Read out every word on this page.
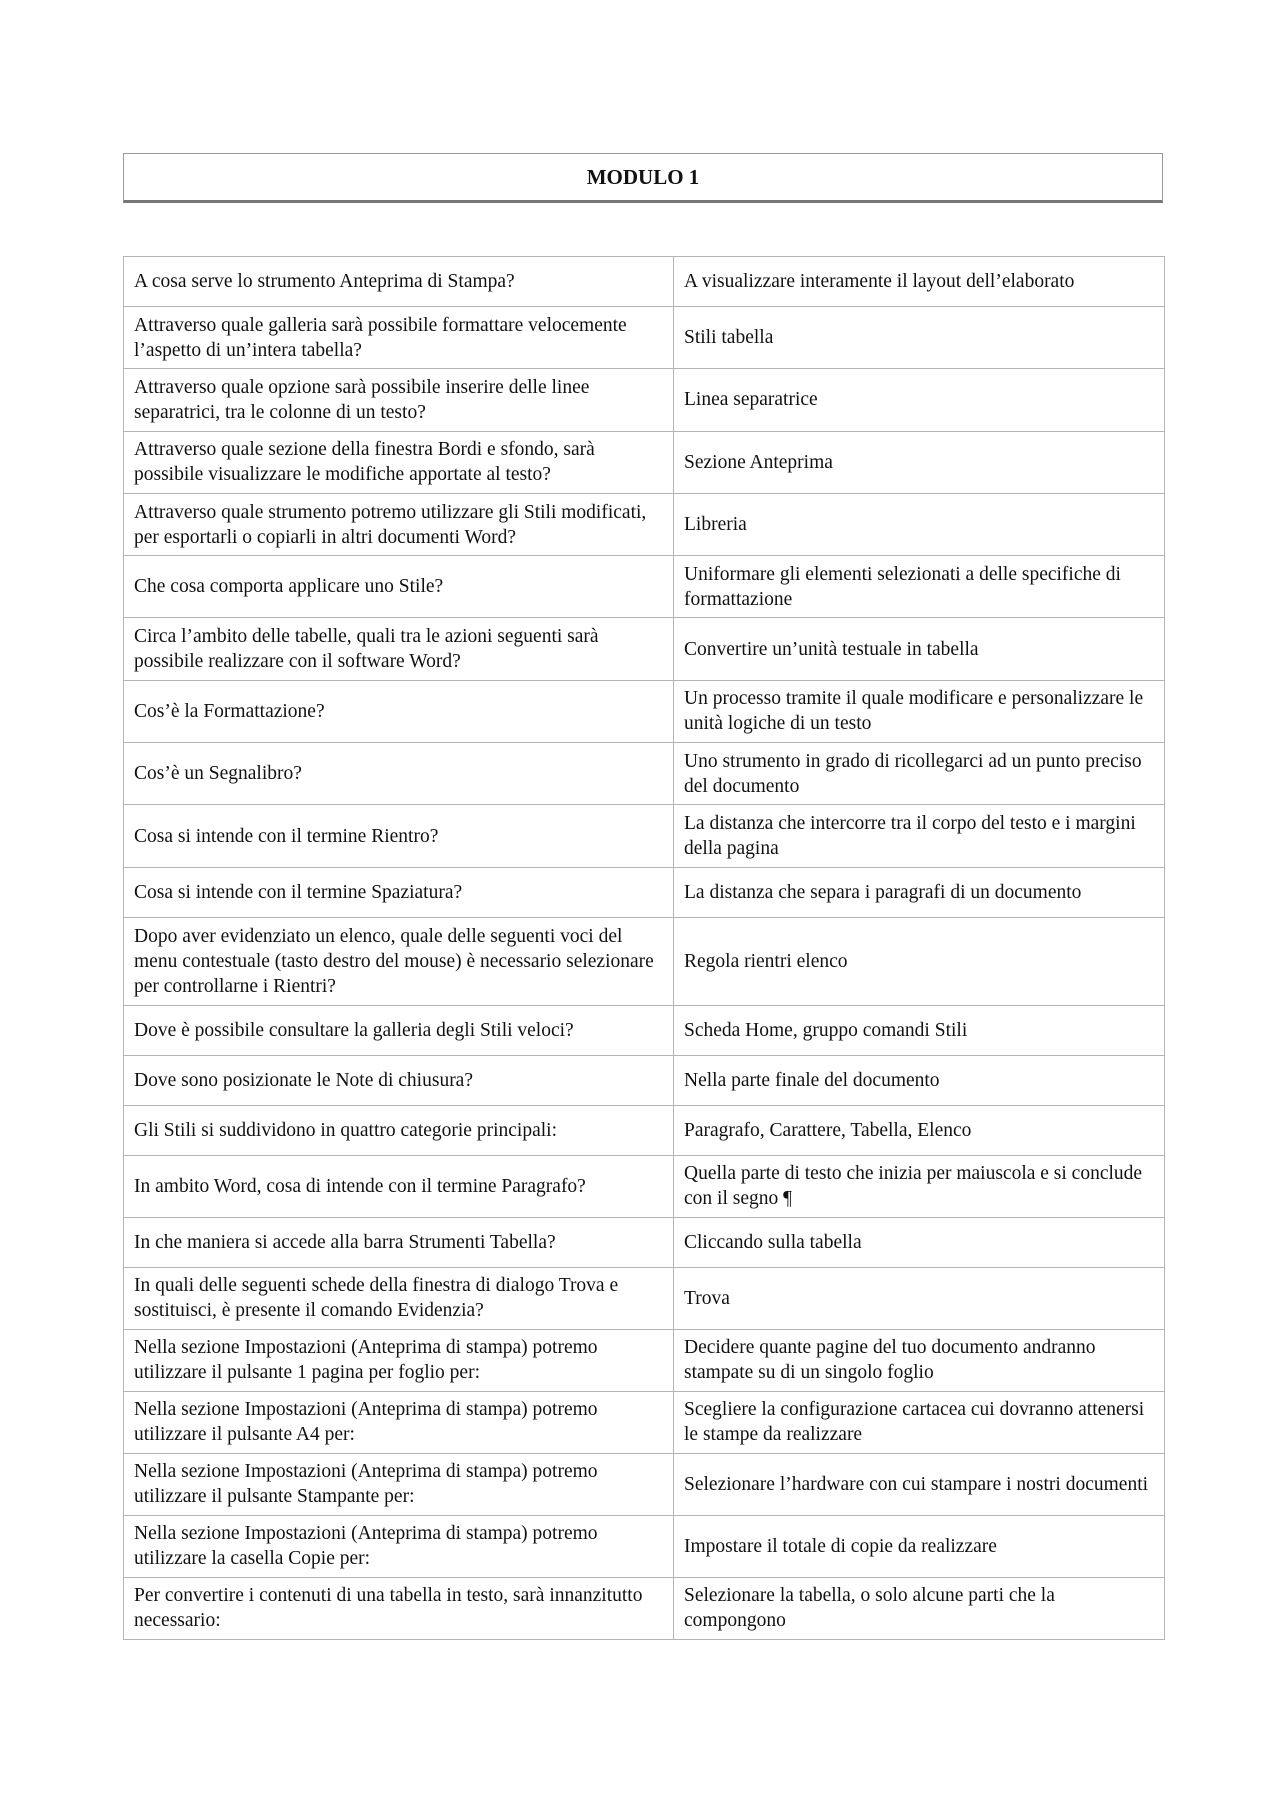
MODULO 1
A cosa serve lo strumento Anteprima di Stampa?	A visualizzare interamente il layout dell’elaborato
Attraverso quale galleria sarà possibile formattare velocemente l’aspetto di un’intera tabella?	Stili tabella
Attraverso quale opzione sarà possibile inserire delle linee separatrici, tra le colonne di un testo?	Linea separatrice
Attraverso quale sezione della finestra Bordi e sfondo, sarà possibile visualizzare le modifiche apportate al testo?	Sezione Anteprima
Attraverso quale strumento potremo utilizzare gli Stili modificati, per esportarli o copiarli in altri documenti Word?	Libreria
Che cosa comporta applicare uno Stile?	Uniformare gli elementi selezionati a delle specifiche di formattazione
Circa l’ambito delle tabelle, quali tra le azioni seguenti sarà possibile realizzare con il software Word?	Convertire un’unità testuale in tabella
Cos’è la Formattazione?	Un processo tramite il quale modificare e personalizzare le unità logiche di un testo
Cos’è un Segnalibro?	Uno strumento in grado di ricollegarci ad un punto preciso del documento
Cosa si intende con il termine Rientro?	La distanza che intercorre tra il corpo del testo e i margini della pagina
Cosa si intende con il termine Spaziatura?	La distanza che separa i paragrafi di un documento
Dopo aver evidenziato un elenco, quale delle seguenti voci del menu contestuale (tasto destro del mouse) è necessario selezionare per controllarne i Rientri?	Regola rientri elenco
Dove è possibile consultare la galleria degli Stili veloci?	Scheda Home, gruppo comandi Stili
Dove sono posizionate le Note di chiusura?	Nella parte finale del documento
Gli Stili si suddividono in quattro categorie principali:	Paragrafo, Carattere, Tabella, Elenco
In ambito Word, cosa di intende con il termine Paragrafo?	Quella parte di testo che inizia per maiuscola e si conclude con il segno ¶
In che maniera si accede alla barra Strumenti Tabella?	Cliccando sulla tabella
In quali delle seguenti schede della finestra di dialogo Trova e sostituisci, è presente il comando Evidenzia?	Trova
Nella sezione Impostazioni (Anteprima di stampa) potremo utilizzare il pulsante 1 pagina per foglio per:	Decidere quante pagine del tuo documento andranno stampate su di un singolo foglio
Nella sezione Impostazioni (Anteprima di stampa) potremo utilizzare il pulsante A4 per:	Scegliere la configurazione cartacea cui dovranno attenersi le stampe da realizzare
Nella sezione Impostazioni (Anteprima di stampa) potremo utilizzare il pulsante Stampante per:	Selezionare l’hardware con cui stampare i nostri documenti
Nella sezione Impostazioni (Anteprima di stampa) potremo utilizzare la casella Copie per:	Impostare il totale di copie da realizzare
Per convertire i contenuti di una tabella in testo, sarà innanzitutto necessario:	Selezionare la tabella, o solo alcune parti che la compongono
